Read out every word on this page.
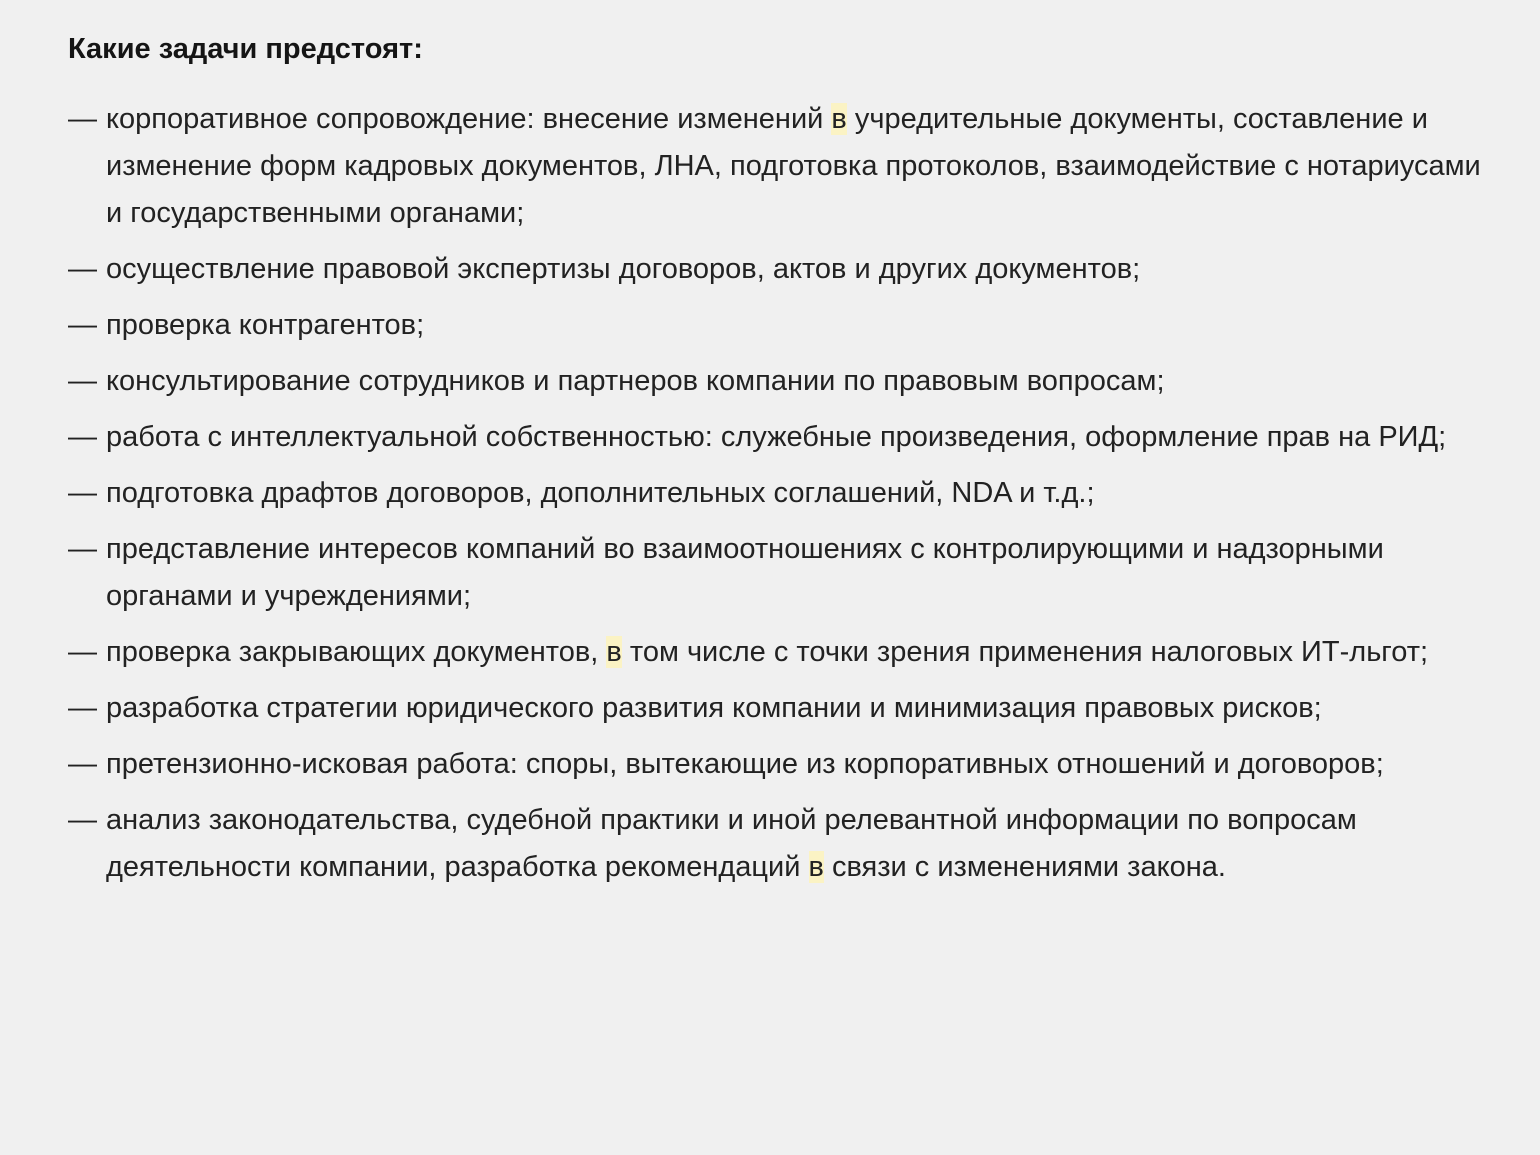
Какие задачи предстоят:
— корпоративное сопровождение: внесение изменений в учредительные документы, составление и изменение форм кадровых документов, ЛНА, подготовка протоколов, взаимодействие с нотариусами и государственными органами;
— осуществление правовой экспертизы договоров, актов и других документов;
— проверка контрагентов;
— консультирование сотрудников и партнеров компании по правовым вопросам;
— работа с интеллектуальной собственностью: служебные произведения, оформление прав на РИД;
— подготовка драфтов договоров, дополнительных соглашений, NDA и т.д.;
— представление интересов компаний во взаимоотношениях с контролирующими и надзорными органами и учреждениями;
— проверка закрывающих документов, в том числе с точки зрения применения налоговых ИТ-льгот;
— разработка стратегии юридического развития компании и минимизация правовых рисков;
— претензионно-исковая работа: споры, вытекающие из корпоративных отношений и договоров;
— анализ законодательства, судебной практики и иной релевантной информации по вопросам деятельности компании, разработка рекомендаций в связи с изменениями закона.
